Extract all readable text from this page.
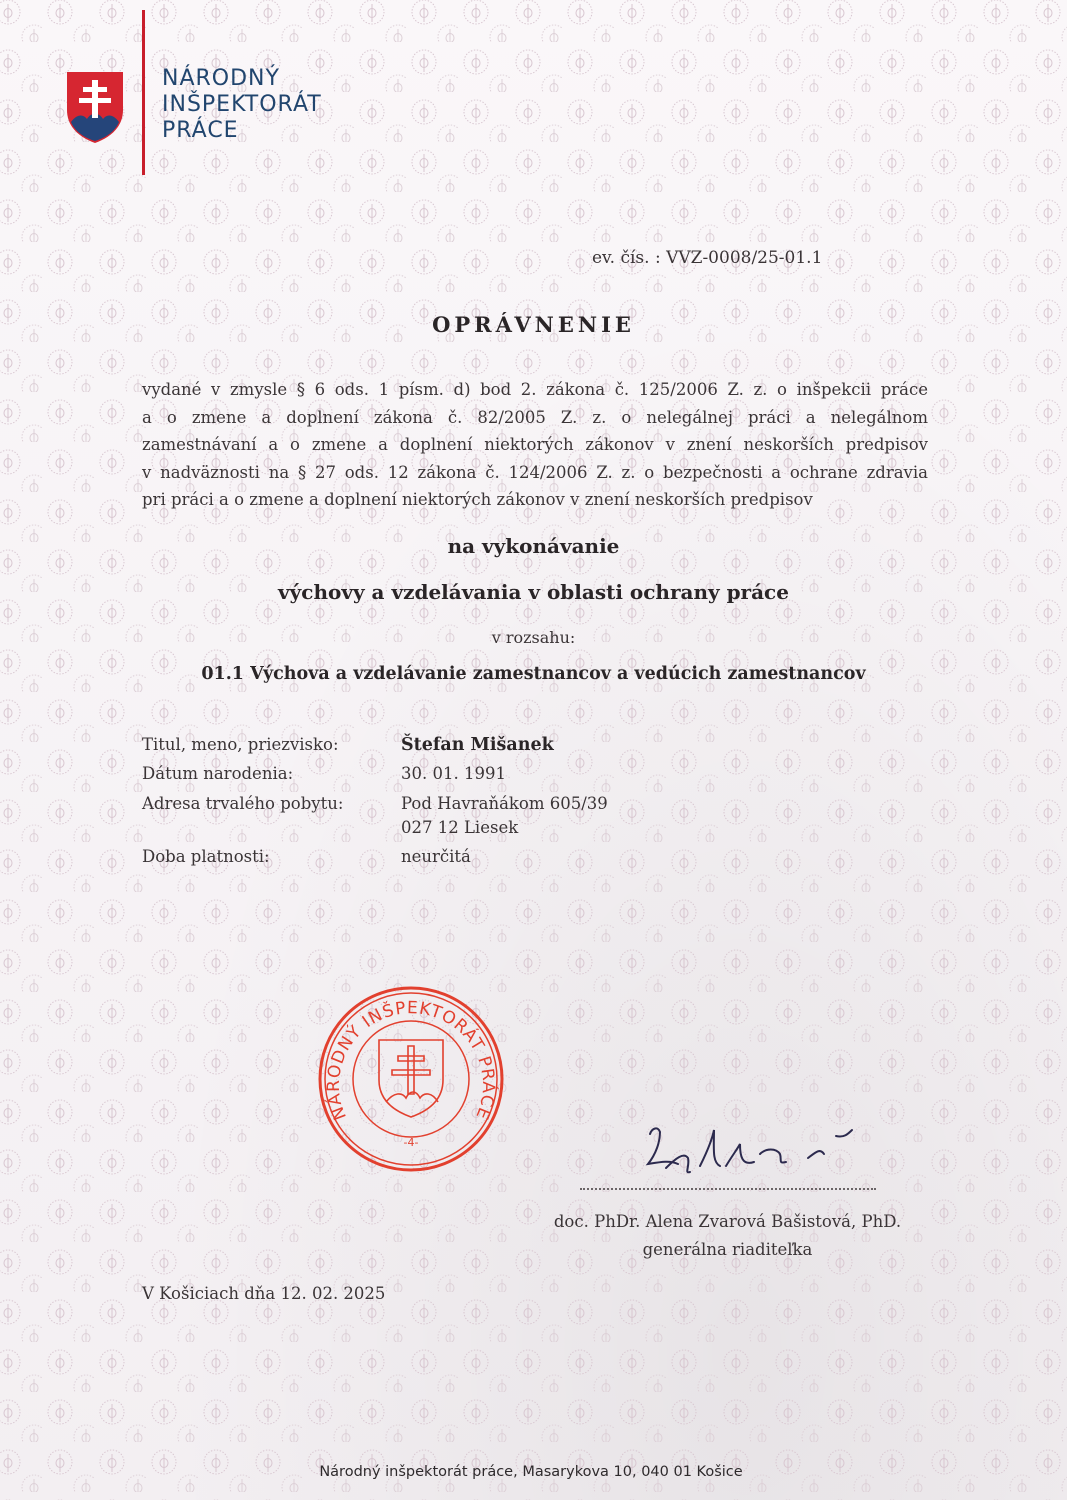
NÁRODNÝ

INŠPEKTORÁT

PRÁCE

ev. čís. : VVZ-0008/25-01.1

OPRÁVNENIE

vydané v zmysle § 6 ods. 1 písm. d) bod 2. zákona č. 125/2006 Z. z. o inšpekcii práce
a o zmene a doplnení zákona č. 82/2005 Z. z. o nelegálnej práci a nelegálnom
zamestnávaní a o zmene a doplnení niektorých zákonov v znení neskorších predpisov
v nadväznosti na § 27 ods. 12 zákona č. 124/2006 Z. z. o bezpečnosti a ochrane zdravia
pri práci a o zmene a doplnení niektorých zákonov v znení neskorších predpisov

na vykonávanie

výchovy a vzdelávania v oblasti ochrany práce

v rozsahu:

01.1 Výchova a vzdelávanie zamestnancov a vedúcich zamestnancov

Titul, meno, priezvisko:	Štefan Mišanek

Dátum narodenia:	30. 01. 1991

Adresa trvalého pobytu:	Pod Havraňákom 605/39

027 12 Liesek

Doba platnosti:	neurčitá

NÁRODNÝ INŠPEKTORÁT PRÁCE
-4-

doc. PhDr. Alena Zvarová Bašistová, PhD.

generálna riaditeľka

V Košiciach dňa 12. 02. 2025

Národný inšpektorát práce, Masarykova 10, 040 01 Košice
